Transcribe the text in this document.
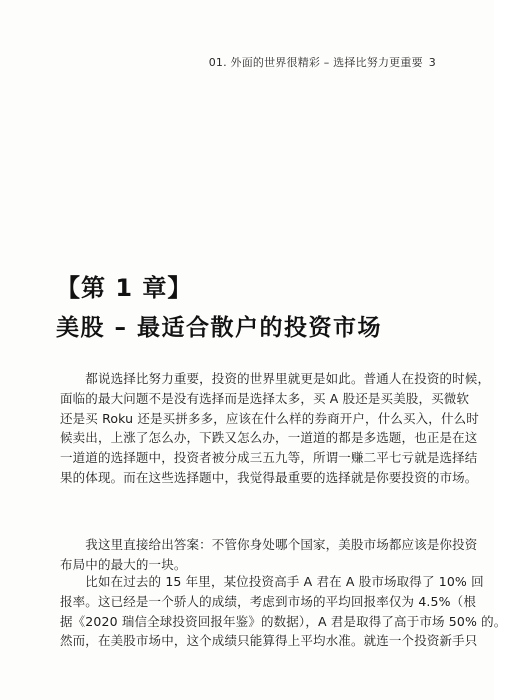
01. 外面的世界很精彩 – 选择比努力更重要 3
【第 1 章】
美股 – 最适合散户的投资市场
　　都说选择比努力重要，投资的世界里就更是如此。普通人在投资的时候，
面临的最大问题不是没有选择而是选择太多，买 A 股还是买美股，买微软
还是买 Roku 还是买拼多多，应该在什么样的券商开户，什么买入，什么时
候卖出，上涨了怎么办，下跌又怎么办，一道道的都是多选题，也正是在这
一道道的选择题中，投资者被分成三五九等，所谓一赚二平七亏就是选择结
果的体现。而在这些选择题中，我觉得最重要的选择就是你要投资的市场。
　　我这里直接给出答案：不管你身处哪个国家，美股市场都应该是你投资
布局中的最大的一块。
　　比如在过去的 15 年里，某位投资高手 A 君在 A 股市场取得了 10% 回
报率。这已经是一个骄人的成绩，考虑到市场的平均回报率仅为 4.5%（根
据《2020 瑞信全球投资回报年鉴》的数据），A 君是取得了高于市场 50% 的。
然而，在美股市场中，这个成绩只能算得上平均水准。就连一个投资新手只
